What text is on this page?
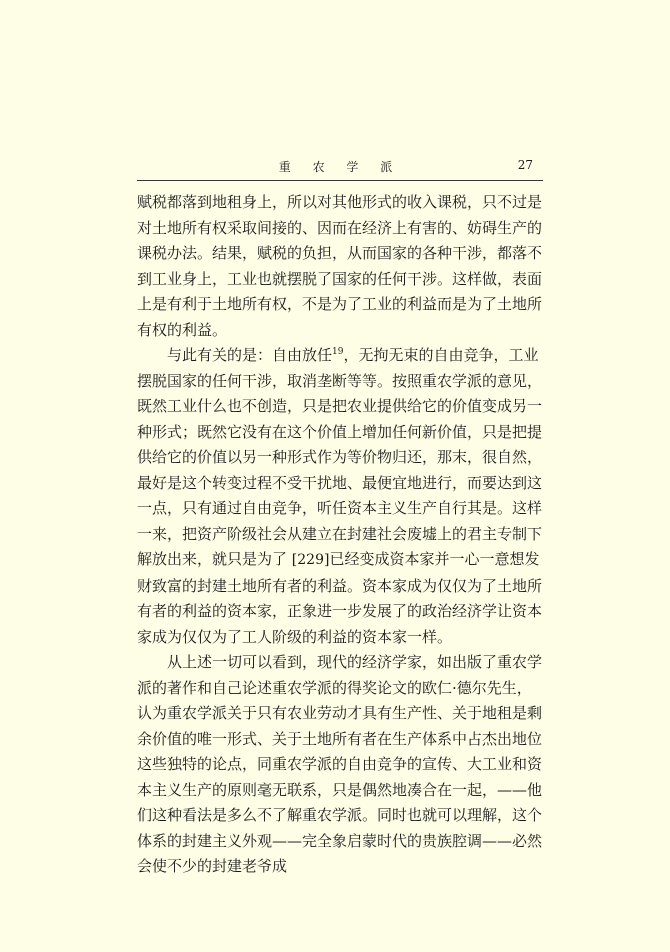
重 农 学 派	27

赋税都落到地租身上，所以对其他形式的收入课税，只不过是对土地所有权采取间接的、因而在经济上有害的、妨碍生产的课税办法。结果，赋税的负担，从而国家的各种干涉，都落不到工业身上，工业也就摆脱了国家的任何干涉。这样做，表面上是有利于土地所有权，不是为了工业的利益而是为了土地所有权的利益。

与此有关的是：自由放任$^{19}$，无拘无束的自由竞争，工业摆脱国家的任何干涉，取消垄断等等。按照重农学派的意见，既然工业什么也不创造，只是把农业提供给它的价值变成另一种形式；既然它没有在这个价值上增加任何新价值，只是把提供给它的价值以另一种形式作为等价物归还，那末，很自然，最好是这个转变过程不受干扰地、最便宜地进行，而要达到这一点，只有通过自由竞争，听任资本主义生产自行其是。这样一来，把资产阶级社会从建立在封建社会废墟上的君主专制下解放出来，就只是为了 [229]已经变成资本家并一心一意想发财致富的封建土地所有者的利益。资本家成为仅仅为了土地所有者的利益的资本家，正象进一步发展了的政治经济学让资本家成为仅仅为了工人阶级的利益的资本家一样。

从上述一切可以看到，现代的经济学家，如出版了重农学派的著作和自己论述重农学派的得奖论文的欧仁·德尔先生，认为重农学派关于只有农业劳动才具有生产性、关于地租是剩余价值的唯一形式、关于土地所有者在生产体系中占杰出地位这些独特的论点，同重农学派的自由竞争的宣传、大工业和资本主义生产的原则毫无联系，只是偶然地凑合在一起，——他们这种看法是多么不了解重农学派。同时也就可以理解，这个体系的封建主义外观——完全象启蒙时代的贵族腔调——必然会使不少的封建老爷成
